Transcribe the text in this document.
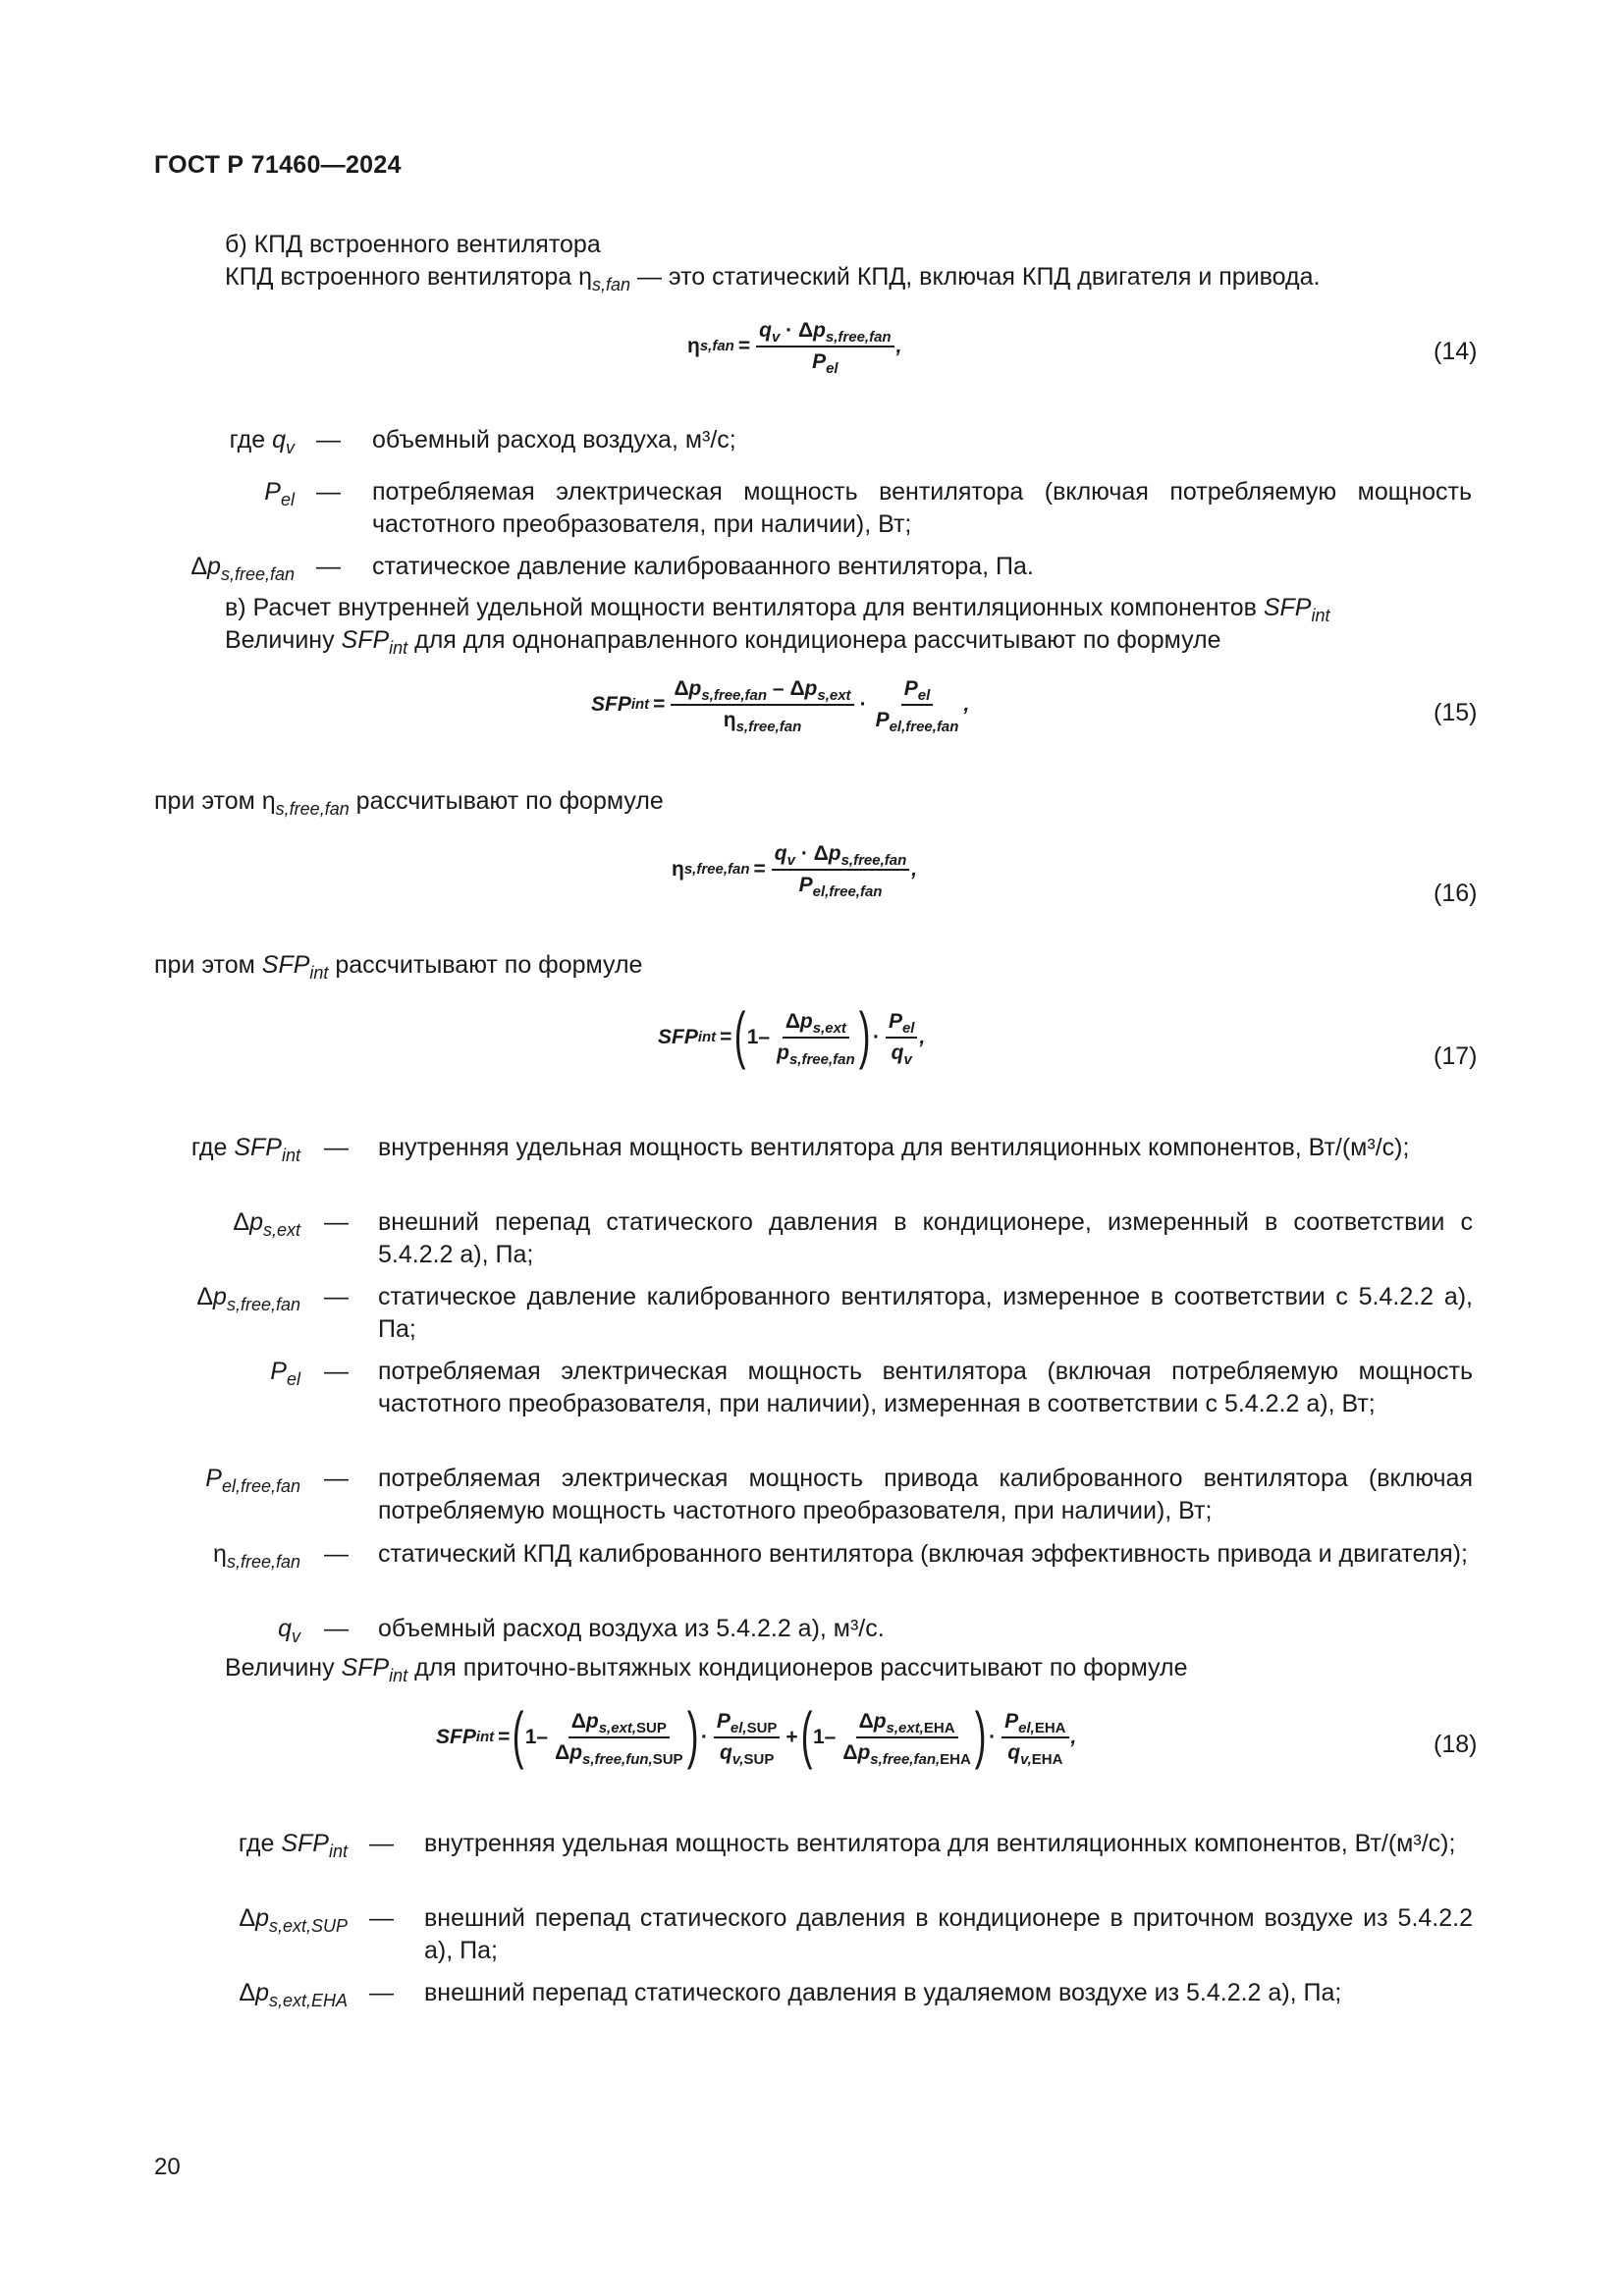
ГОСТ Р 71460—2024
б) КПД встроенного вентилятора
КПД встроенного вентилятора $\eta_{s,fan}$ — это статический КПД, включая КПД двигателя и привода.
η $s,fan = \frac{q_v \cdot \Delta p_{s,free,fan}}{P_{el}}$ ,	(14)
где $q_v$ — объемный расход воздуха, м³/с;
$P_{el}$ — потребляемая электрическая мощность вентилятора (включая потребляемую мощность частотного преобразователя, при наличии), Вт;
$\Delta p_{s,free,fan}$ — статическое давление калиброваанного вентилятора, Па.
в) Расчет внутренней удельной мощности вентилятора для вентиляционных компонентов $SFP_{int}$
Величину $SFP_{int}$ для для однонаправленного кондиционера рассчитывают по формуле
SFP int = $\frac{\Delta p_{s,free,fan} - \Delta p_{s,ext}}{\eta_{s,free,fan}} \cdot \frac{P_{el}}{P_{el,free,fan}}$ ,	(15)
при этом $\eta_{s,free,fan}$ рассчитывают по формуле
η s,free,fan = $\frac{q_v \cdot \Delta p_{s,free,fan}}{P_{el,free,fan}}$ ,
(16)
при этом $SFP_{int}$ рассчитывают по формуле
SFP int = ( $1- \frac{\Delta p_{s,ext}}{p_{s,free,fan}}$ ) · $\frac{P_{el}}{q_v}$ ,
(17)
где $SFP_{int}$ — внутренняя удельная мощность вентилятора для вентиляционных компонентов, Вт/(м³/с);
$\Delta p_{s,ext}$ — внешний перепад статического давления в кондиционере, измеренный в соответствии с 5.4.2.2 а), Па;
$\Delta p_{s,free,fan}$ — статическое давление калиброванного вентилятора, измеренное в соответствии с 5.4.2.2 а), Па;
$P_{el}$ — потребляемая электрическая мощность вентилятора (включая потребляемую мощность частотного преобразователя, при наличии), измеренная в соответствии с 5.4.2.2 а), Вт;
$P_{el,free,fan}$ — потребляемая электрическая мощность привода калиброванного вентилятора (включая потребляемую мощность частотного преобразователя, при наличии), Вт;
$\eta_{s,free,fan}$ — статический КПД калиброванного вентилятора (включая эффективность привода и двигателя);
$q_v$ — объемный расход воздуха из 5.4.2.2 а), м³/с.
Величину $SFP_{int}$ для приточно-вытяжных кондиционеров рассчитывают по формуле
SFP int = ( $1- \frac{\Delta p_{s,ext,SUP}}{\Delta p_{s,free,fun,SUP}}$ ) · $\frac{P_{el,SUP}}{q_{v,SUP}}$ + ( $1- \frac{\Delta p_{s,ext,EHA}}{\Delta p_{s,free,fan,EHA}}$ ) · $\frac{P_{el,EHA}}{q_{v,EHA}}$ ,	(18)
где $SFP_{int}$ — внутренняя удельная мощность вентилятора для вентиляционных компонентов, Вт/(м³/с);
$\Delta p_{s,ext,SUP}$ — внешний перепад статического давления в кондиционере в приточном воздухе из 5.4.2.2 а), Па;
$\Delta p_{s,ext,EHA}$ — внешний перепад статического давления в удаляемом воздухе из 5.4.2.2 а), Па;
20
